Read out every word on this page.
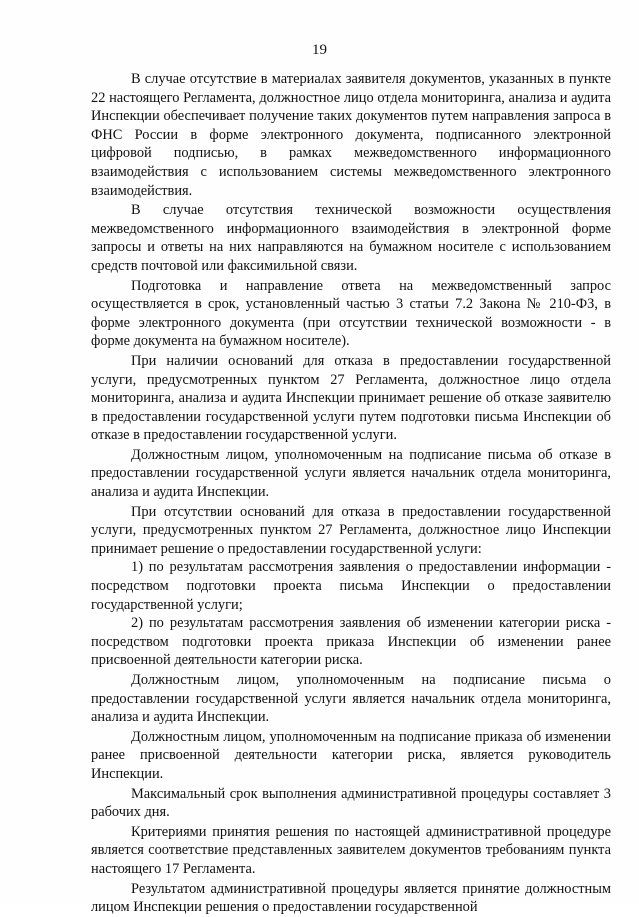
19

В случае отсутствие в материалах заявителя документов, указанных в пункте 22 настоящего Регламента, должностное лицо отдела мониторинга, анализа и аудита Инспекции обеспечивает получение таких документов путем направления запроса в ФНС России в форме электронного документа, подписанного электронной цифровой подписью, в рамках межведомственного информационного взаимодействия с использованием системы межведомственного электронного взаимодействия.

В случае отсутствия технической возможности осуществления межведомственного информационного взаимодействия в электронной форме запросы и ответы на них направляются на бумажном носителе с использованием средств почтовой или факсимильной связи.

Подготовка и направление ответа на межведомственный запрос осуществляется в срок, установленный частью 3 статьи 7.2 Закона № 210-ФЗ, в форме электронного документа (при отсутствии технической возможности - в форме документа на бумажном носителе).

При наличии оснований для отказа в предоставлении государственной услуги, предусмотренных пунктом 27 Регламента, должностное лицо отдела мониторинга, анализа и аудита Инспекции принимает решение об отказе заявителю в предоставлении государственной услуги путем подготовки письма Инспекции об отказе в предоставлении государственной услуги.

Должностным лицом, уполномоченным на подписание письма об отказе в предоставлении государственной услуги является начальник отдела мониторинга, анализа и аудита Инспекции.

При отсутствии оснований для отказа в предоставлении государственной услуги, предусмотренных пунктом 27 Регламента, должностное лицо Инспекции принимает решение о предоставлении государственной услуги:

1) по результатам рассмотрения заявления о предоставлении информации - посредством подготовки проекта письма Инспекции о предоставлении государственной услуги;

2) по результатам рассмотрения заявления об изменении категории риска - посредством подготовки проекта приказа Инспекции об изменении ранее присвоенной деятельности категории риска.

Должностным лицом, уполномоченным на подписание письма о предоставлении государственной услуги является начальник отдела мониторинга, анализа и аудита Инспекции.

Должностным лицом, уполномоченным на подписание приказа об изменении ранее присвоенной деятельности категории риска, является руководитель Инспекции.

Максимальный срок выполнения административной процедуры составляет 3 рабочих дня.

Критериями принятия решения по настоящей административной процедуре является соответствие представленных заявителем документов требованиям пункта настоящего 17 Регламента.

Результатом административной процедуры является принятие должностным лицом Инспекции решения о предоставлении государственной
